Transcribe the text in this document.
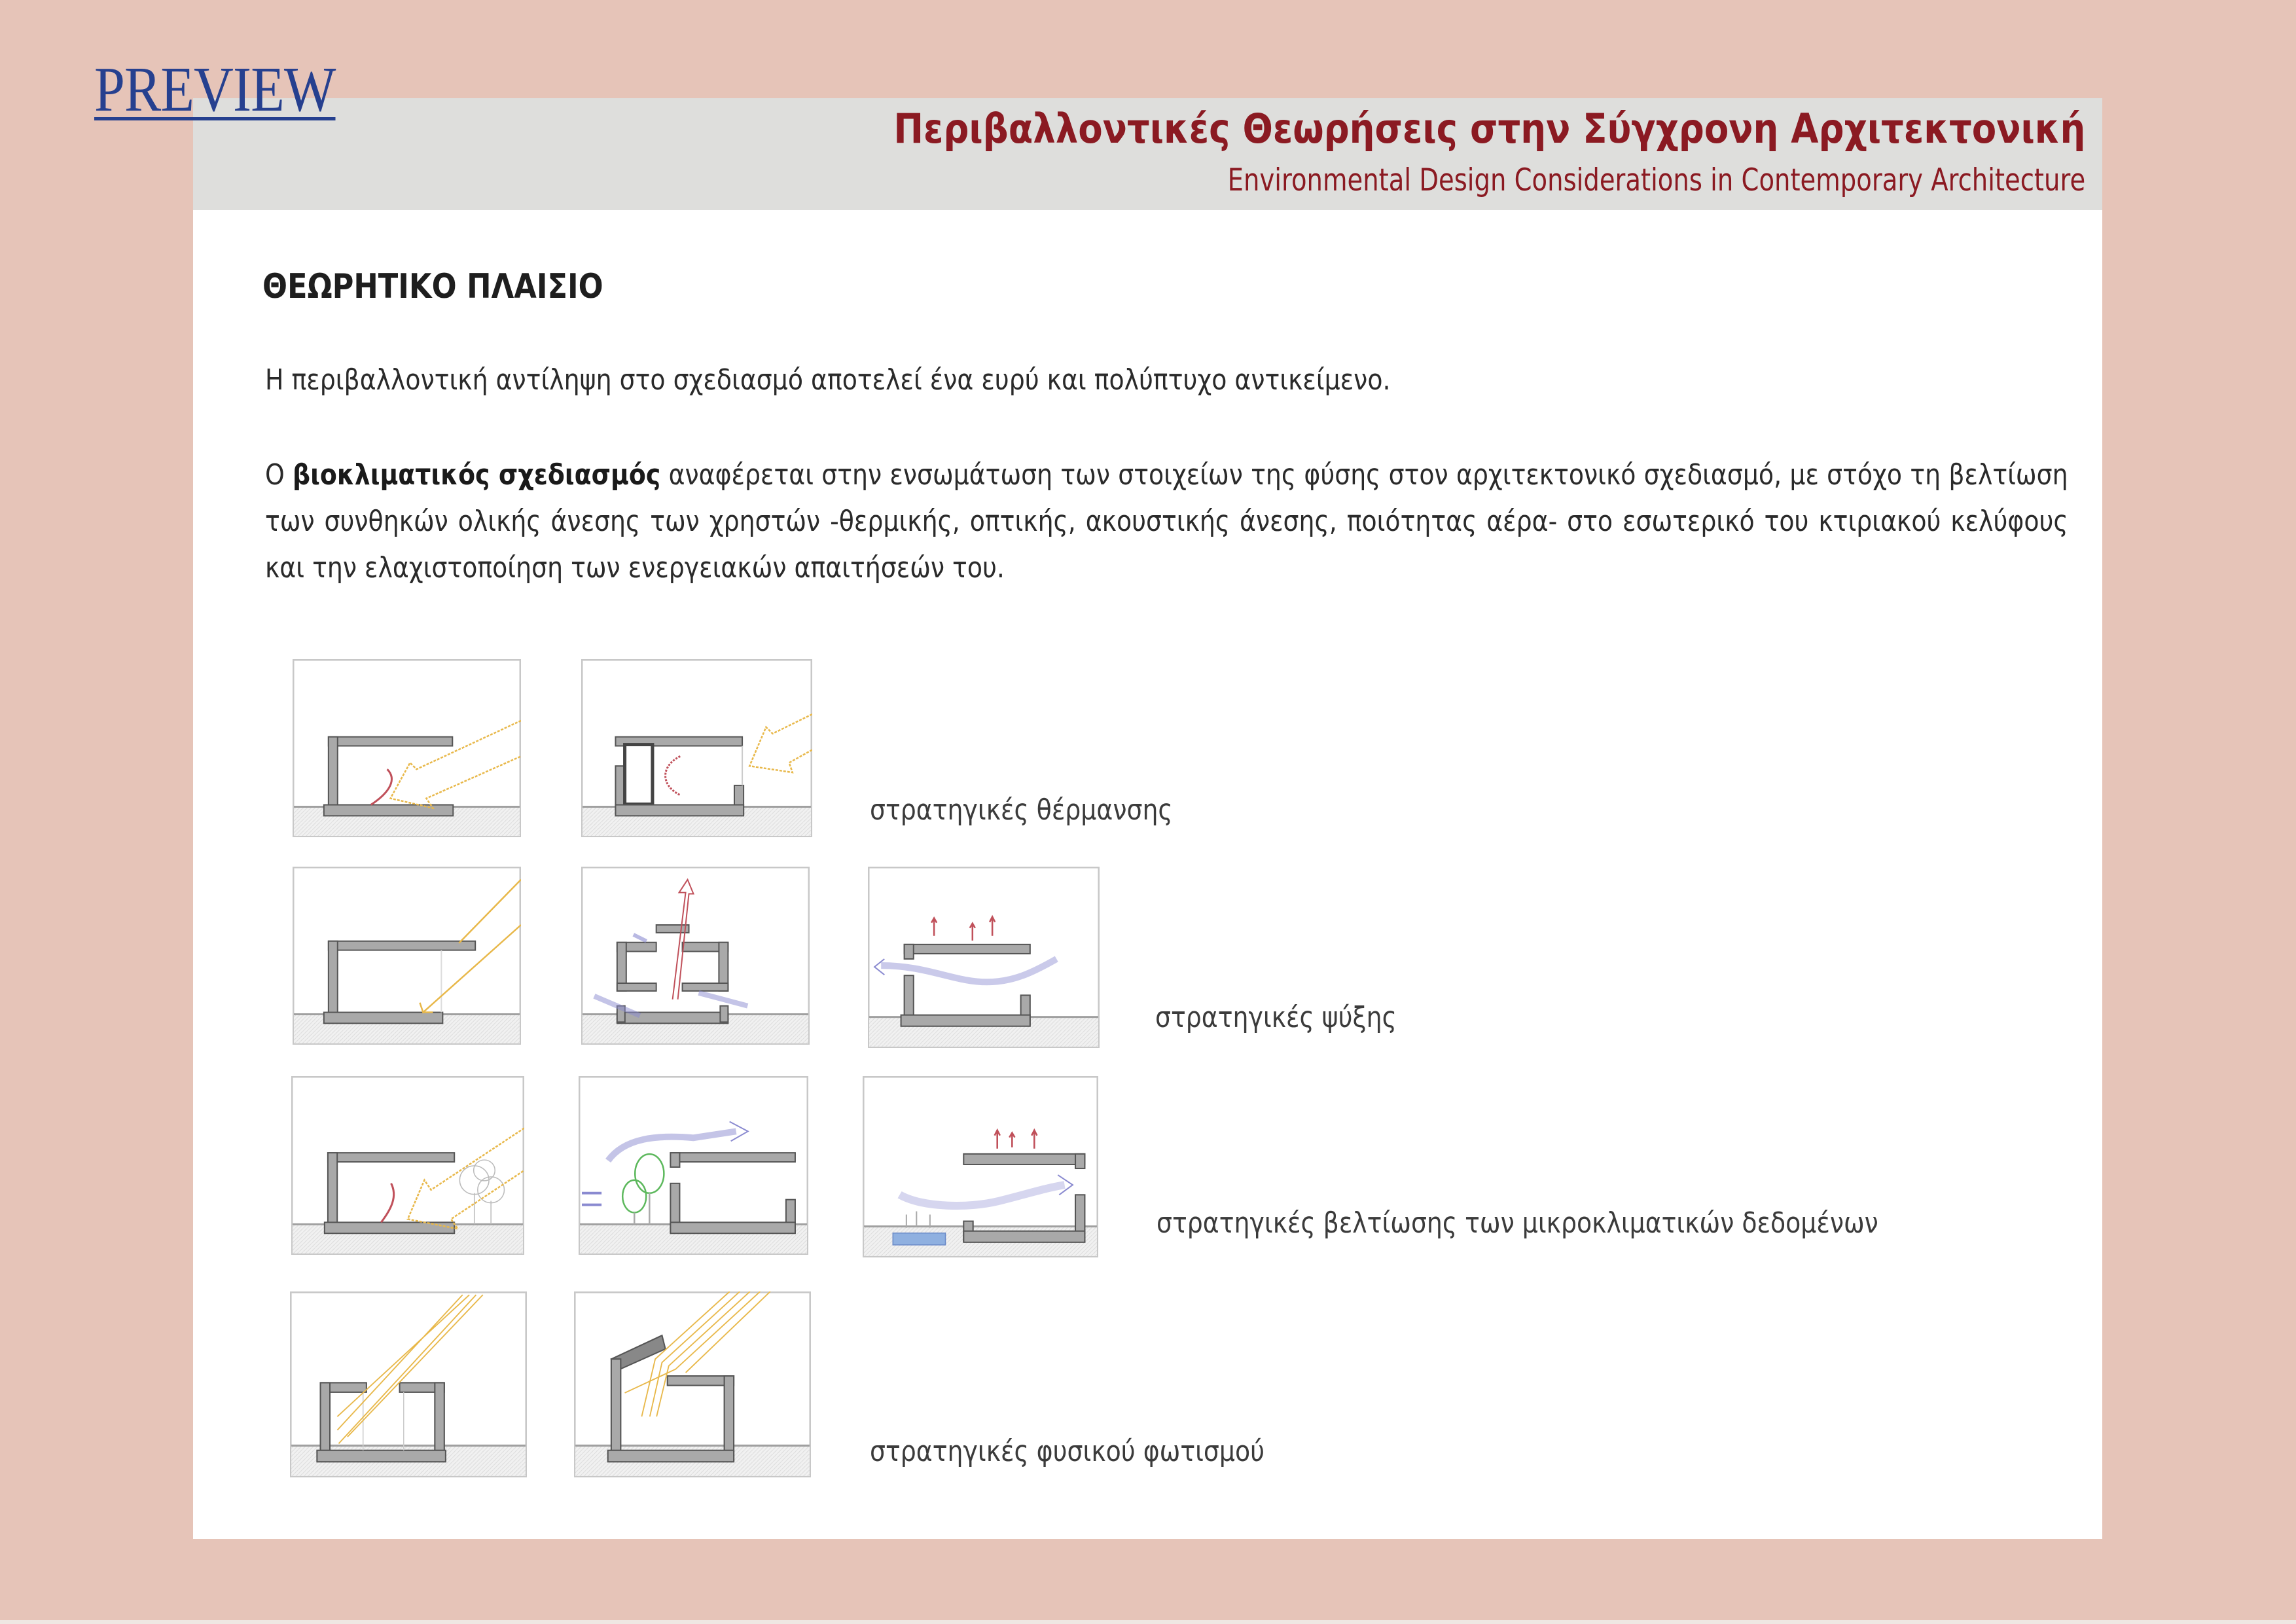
PREVIEW
Περιβαλλοντικές Θεωρήσεις στην Σύγχρονη Αρχιτεκτονική
Environmental Design Considerations in Contemporary Architecture
ΘΕΩΡΗΤΙΚΟ ΠΛΑΙΣΙΟ
Η περιβαλλοντική αντίληψη στο σχεδιασμό αποτελεί ένα ευρύ και πολύπτυχο αντικείμενο.
Ο βιοκλιματικός σχεδιασμός αναφέρεται στην ενσωμάτωση των στοιχείων της φύσης στον αρχιτεκτονικό σχεδιασμό, με στόχο τη βελτίωση των συνθηκών ολικής άνεσης των χρηστών -θερμικής, οπτικής, ακουστικής άνεσης, ποιότητας αέρα- στο εσωτερικό του κτιριακού κελύφους και την ελαχιστοποίηση των ενεργειακών απαιτήσεών του.
στρατηγικές θέρμανσης
στρατηγικές ψύξης
στρατηγικές βελτίωσης των μικροκλιματικών δεδομένων
στρατηγικές φυσικού φωτισμού
